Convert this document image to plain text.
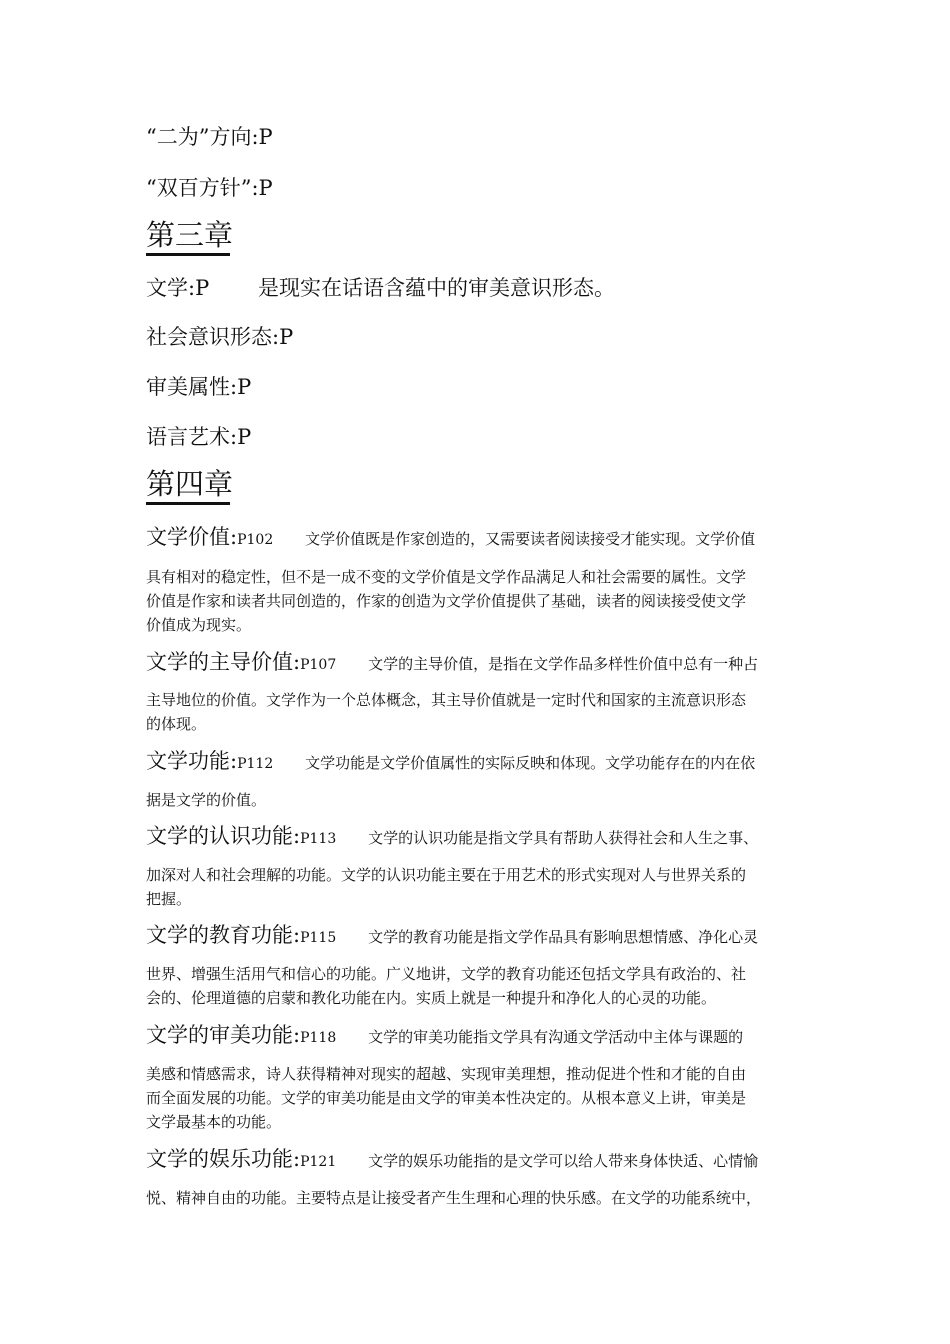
“二为”方向:P
“双百方针”:P
第三章
文学:P 是现实在话语含蕴中的审美意识形态。
社会意识形态:P
审美属性:P
语言艺术:P
第四章
文学价值:P102 文学价值既是作家创造的，又需要读者阅读接受才能实现。文学价值
具有相对的稳定性，但不是一成不变的文学价值是文学作品满足人和社会需要的属性。文学
价值是作家和读者共同创造的，作家的创造为文学价值提供了基础，读者的阅读接受使文学
价值成为现实。
文学的主导价值:P107 文学的主导价值，是指在文学作品多样性价值中总有一种占
主导地位的价值。文学作为一个总体概念，其主导价值就是一定时代和国家的主流意识形态
的体现。
文学功能:P112 文学功能是文学价值属性的实际反映和体现。文学功能存在的内在依
据是文学的价值。
文学的认识功能:P113 文学的认识功能是指文学具有帮助人获得社会和人生之事、
加深对人和社会理解的功能。文学的认识功能主要在于用艺术的形式实现对人与世界关系的
把握。
文学的教育功能:P115 文学的教育功能是指文学作品具有影响思想情感、净化心灵
世界、增强生活用气和信心的功能。广义地讲，文学的教育功能还包括文学具有政治的、社
会的、伦理道德的启蒙和教化功能在内。实质上就是一种提升和净化人的心灵的功能。
文学的审美功能:P118 文学的审美功能指文学具有沟通文学活动中主体与课题的
美感和情感需求，诗人获得精神对现实的超越、实现审美理想，推动促进个性和才能的自由
而全面发展的功能。文学的审美功能是由文学的审美本性决定的。从根本意义上讲，审美是
文学最基本的功能。
文学的娱乐功能:P121 文学的娱乐功能指的是文学可以给人带来身体快适、心情愉
悦、精神自由的功能。主要特点是让接受者产生生理和心理的快乐感。在文学的功能系统中，
